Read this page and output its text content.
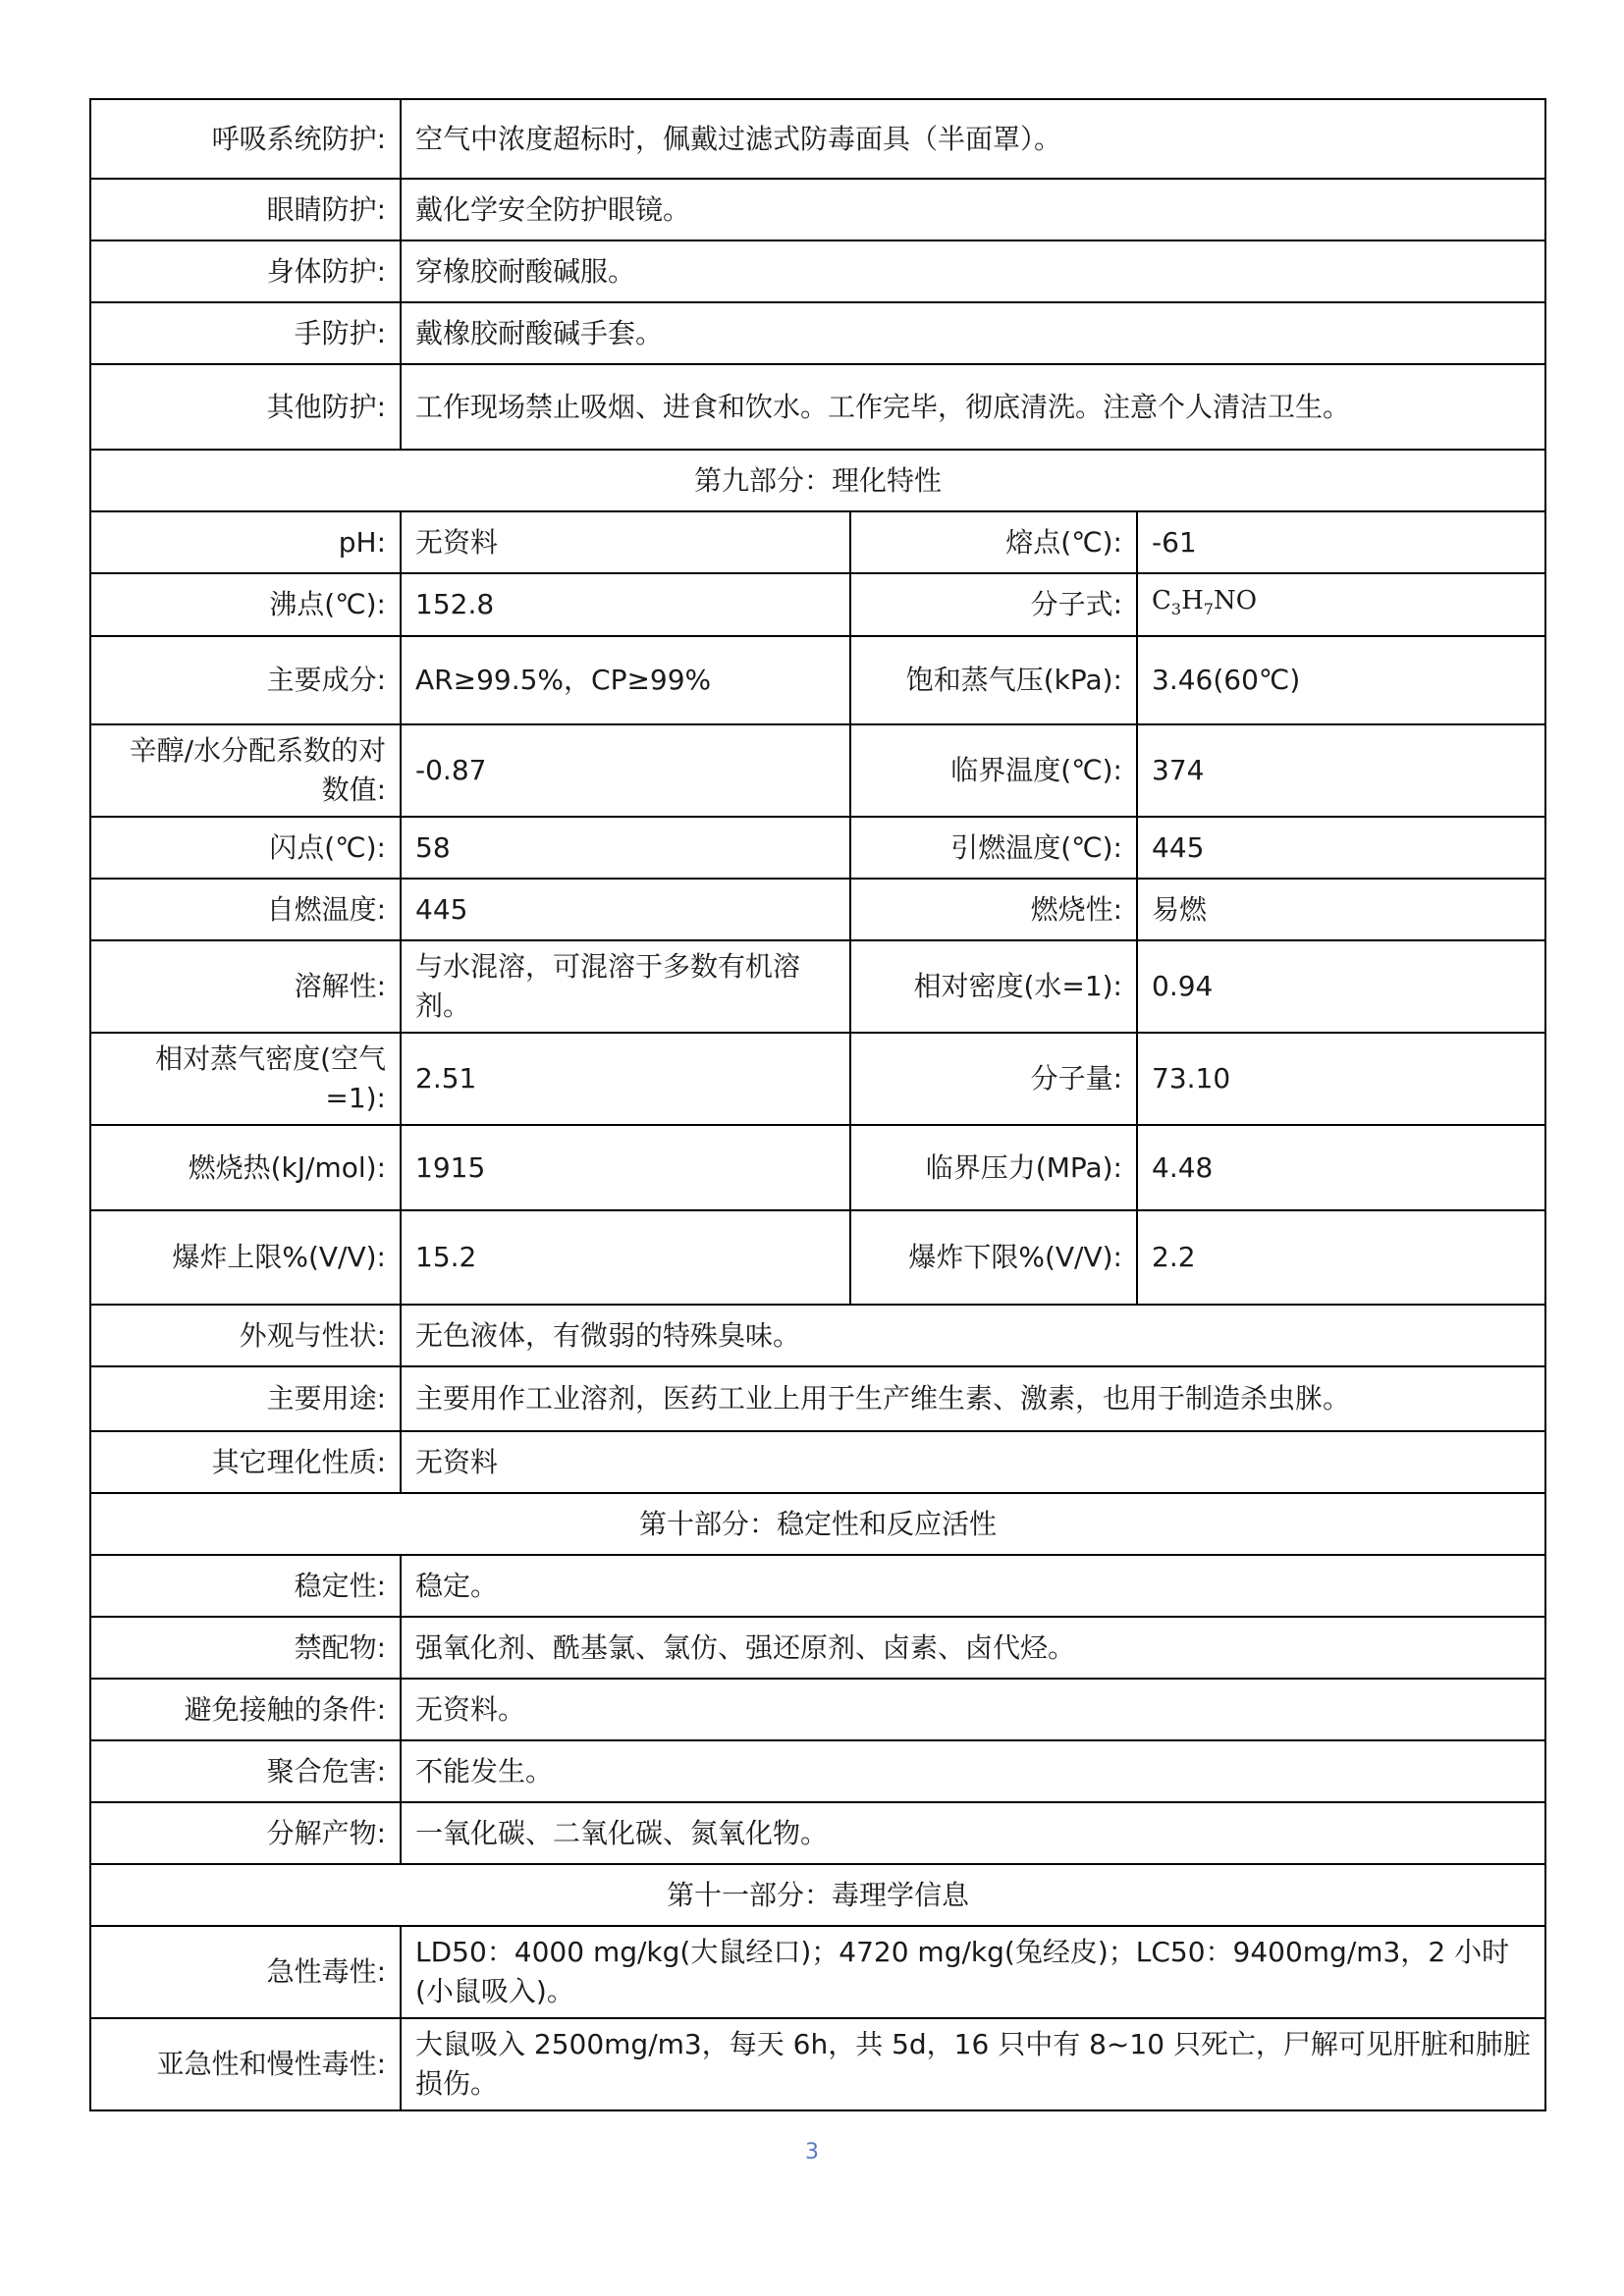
呼吸系统防护:	空气中浓度超标时，佩戴过滤式防毒面具（半面罩）。		
眼睛防护:	戴化学安全防护眼镜。		
身体防护:	穿橡胶耐酸碱服。		
手防护:	戴橡胶耐酸碱手套。		
其他防护:	工作现场禁止吸烟、进食和饮水。工作完毕，彻底清洗。注意个人清洁卫生。		
第九部分：理化特性			
pH:	无资料	熔点(℃):	-61
沸点(℃):	152.8	分子式:	$C_3H_7NO$
主要成分:	AR≥99.5%，CP≥99%	饱和蒸气压(kPa):	3.46(60℃)
辛醇/水分配系数的对数值:	-0.87	临界温度(℃):	374
闪点(℃):	58	引燃温度(℃):	445
自燃温度:	445	燃烧性:	易燃
溶解性:	与水混溶，可混溶于多数有机溶剂。	相对密度(水=1):	0.94
相对蒸气密度(空气=1):	2.51	分子量:	73.10
燃烧热(kJ/mol):	1915	临界压力(MPa):	4.48
爆炸上限%(V/V):	15.2	爆炸下限%(V/V):	2.2
外观与性状:	无色液体，有微弱的特殊臭味。		
主要用途:	主要用作工业溶剂，医药工业上用于生产维生素、激素，也用于制造杀虫脒。		
其它理化性质:	无资料		
第十部分：稳定性和反应活性			
稳定性:	稳定。		
禁配物:	强氧化剂、酰基氯、氯仿、强还原剂、卤素、卤代烃。		
避免接触的条件:	无资料。		
聚合危害:	不能发生。		
分解产物:	一氧化碳、二氧化碳、氮氧化物。		
第十一部分：毒理学信息			
急性毒性:	LD50：4000 mg/kg(大鼠经口)；4720 mg/kg(兔经皮)；LC50：9400mg/m3，2 小时(小鼠吸入)。		
亚急性和慢性毒性:	大鼠吸入 2500mg/m3，每天 6h，共 5d，16 只中有 8~10 只死亡，尸解可见肝脏和肺脏损伤。		
3
